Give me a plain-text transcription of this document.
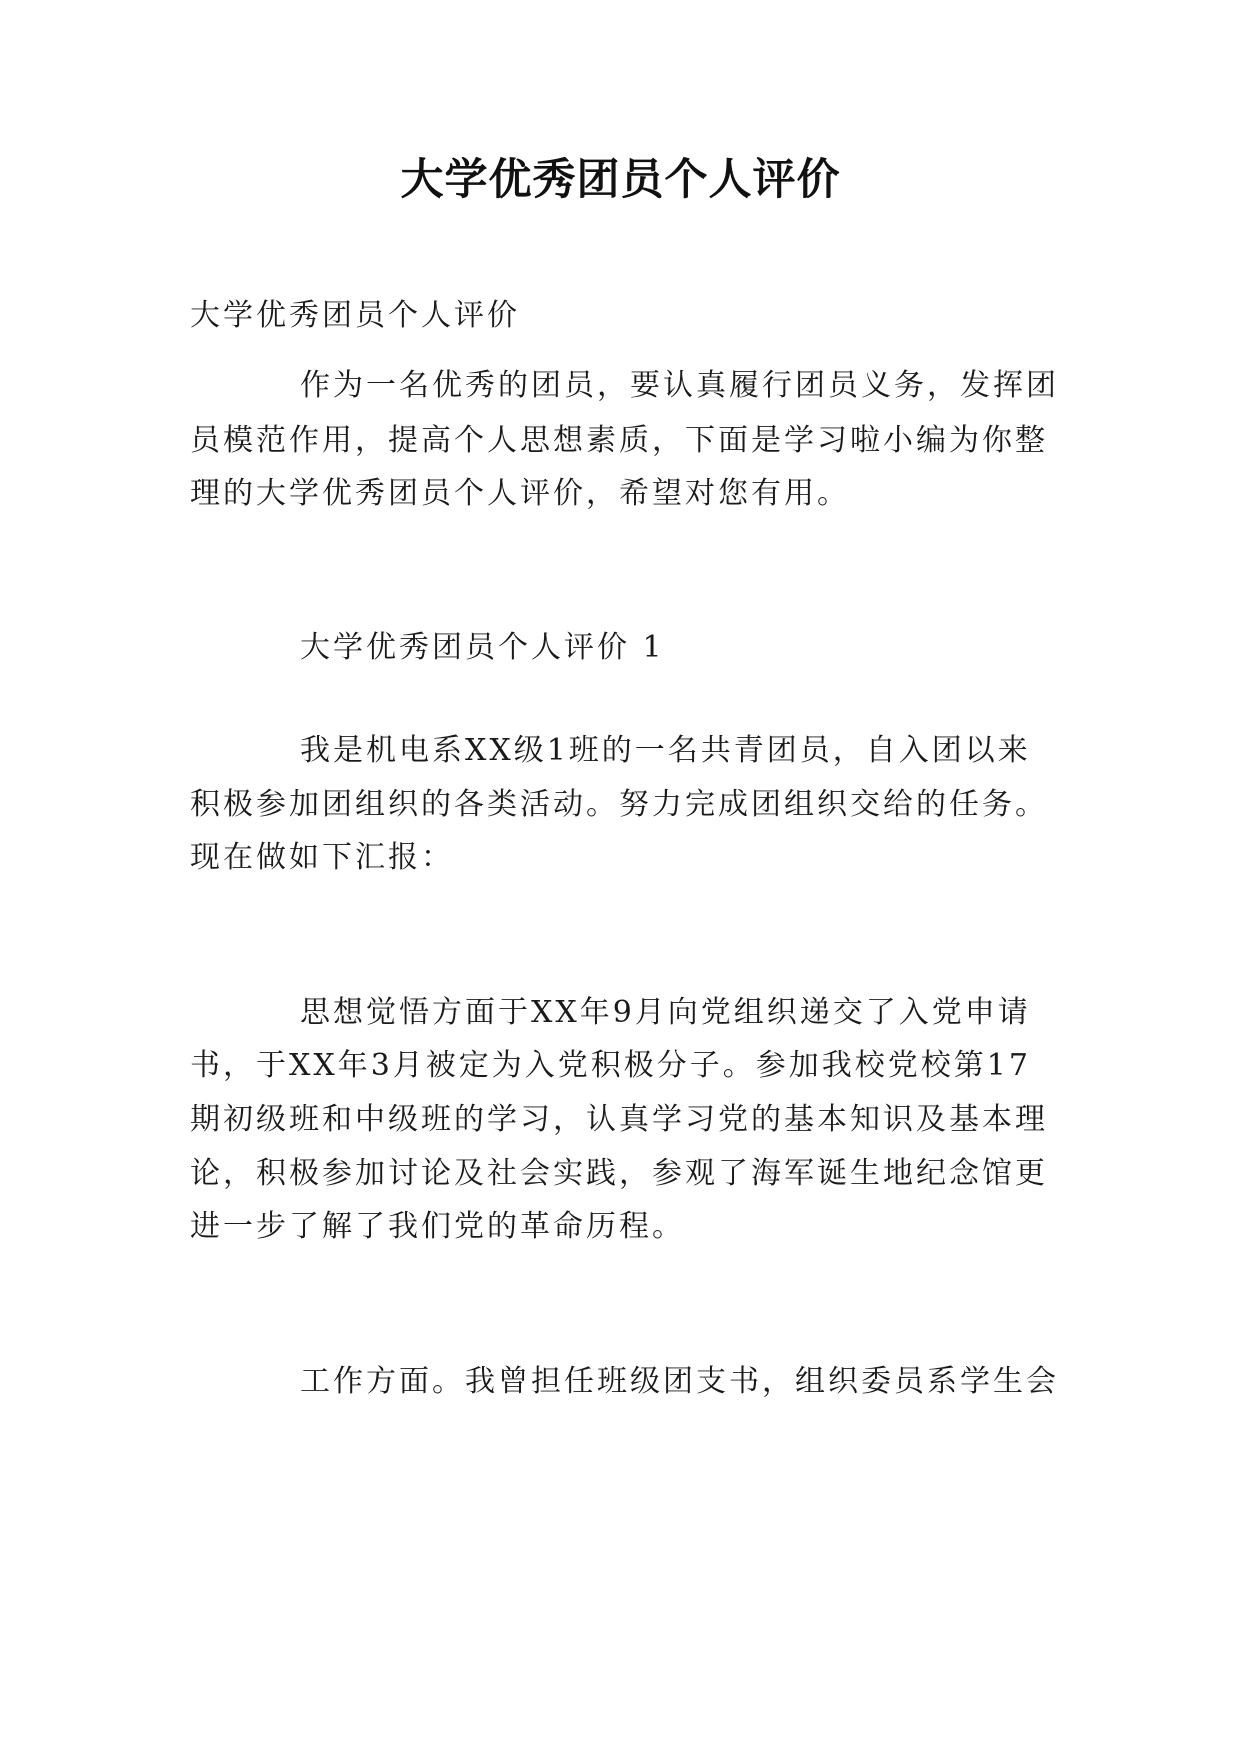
大学优秀团员个人评价
大学优秀团员个人评价
作为一名优秀的团员，要认真履行团员义务，发挥团
员模范作用，提高个人思想素质，下面是学习啦小编为你整
理的大学优秀团员个人评价，希望对您有用。
大学优秀团员个人评价 1
我是机电系XX级1班的一名共青团员，自入团以来
积极参加团组织的各类活动。努力完成团组织交给的任务。
现在做如下汇报：
思想觉悟方面于XX年9月向党组织递交了入党申请
书，于XX年3月被定为入党积极分子。参加我校党校第17
期初级班和中级班的学习，认真学习党的基本知识及基本理
论，积极参加讨论及社会实践，参观了海军诞生地纪念馆更
进一步了解了我们党的革命历程。
工作方面。我曾担任班级团支书，组织委员系学生会
